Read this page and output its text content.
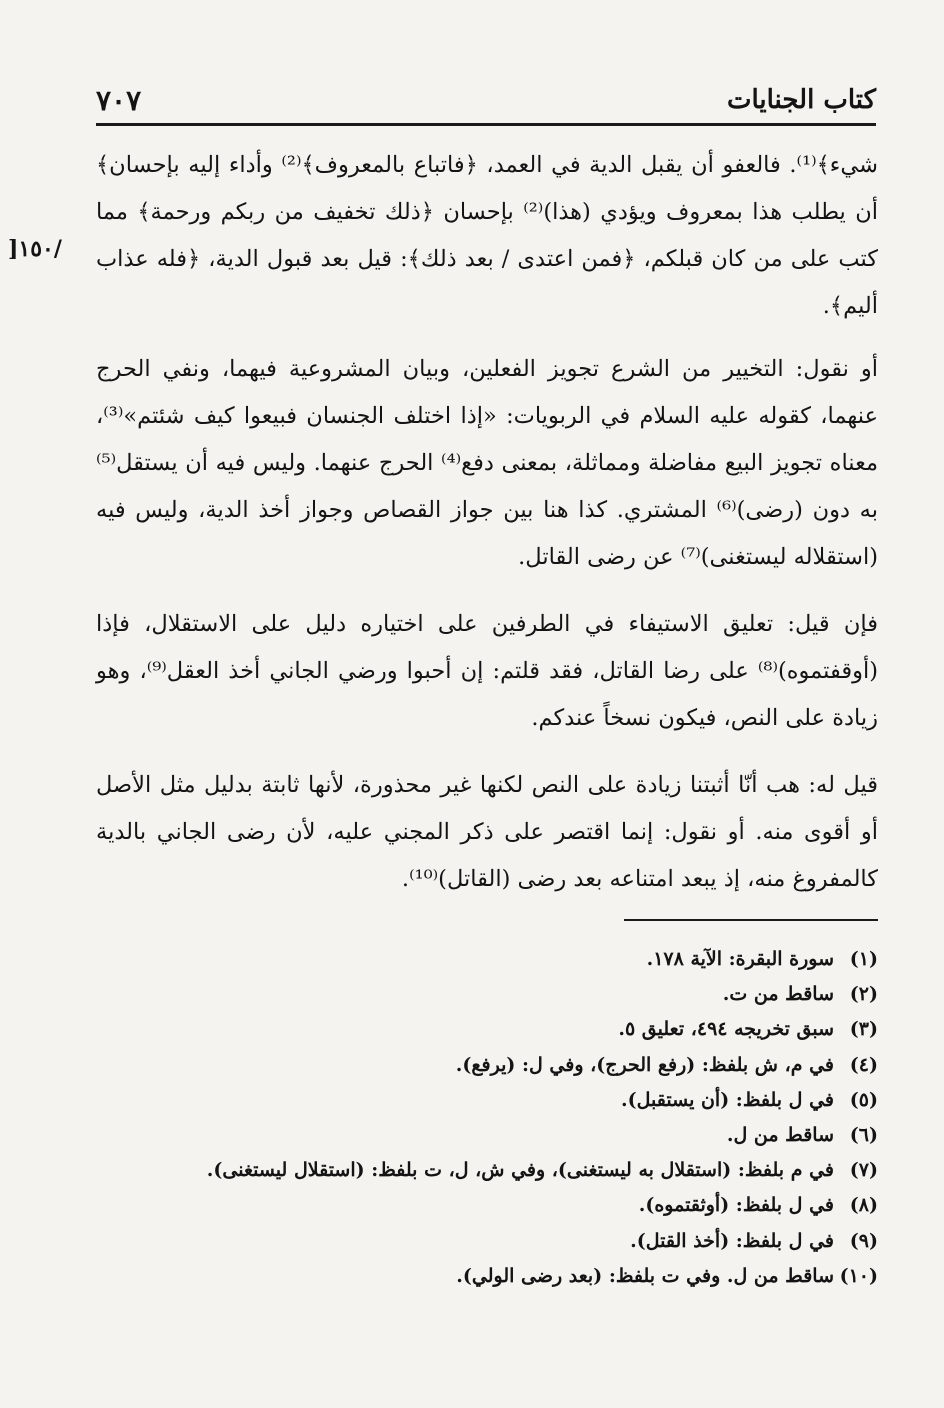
كتاب الجنايات
٧٠٧
/١٥٠[

شيء﴾⁽¹⁾. فالعفو أن يقبل الدية في العمد، ﴿فاتباع بالمعروف﴾⁽²⁾ وأداء إليه بإحسان﴾ أن يطلب هذا بمعروف ويؤدي (هذا)⁽²⁾ بإحسان ﴿ذلك تخفيف من ربكم ورحمة﴾ مما كتب على من كان قبلكم، ﴿فمن اعتدى / بعد ذلك﴾: قيل بعد قبول الدية، ﴿فله عذاب أليم﴾.

أو نقول: التخيير من الشرع تجويز الفعلين، وبيان المشروعية فيهما، ونفي الحرج عنهما، كقوله عليه السلام في الربويات: «إذا اختلف الجنسان فبيعوا كيف شئتم»⁽³⁾، معناه تجويز البيع مفاضلة ومماثلة، بمعنى دفع⁽⁴⁾ الحرج عنهما. وليس فيه أن يستقل⁽⁵⁾ به دون (رضى)⁽⁶⁾ المشتري. كذا هنا بين جواز القصاص وجواز أخذ الدية، وليس فيه (استقلاله ليستغنى)⁽⁷⁾ عن رضى القاتل.

فإن قيل: تعليق الاستيفاء في الطرفين على اختياره دليل على الاستقلال، فإذا (أوقفتموه)⁽⁸⁾ على رضا القاتل، فقد قلتم: إن أحبوا ورضي الجاني أخذ العقل⁽⁹⁾، وهو زيادة على النص، فيكون نسخاً عندكم.

قيل له: هب أنّا أثبتنا زيادة على النص لكنها غير محذورة، لأنها ثابتة بدليل مثل الأصل أو أقوى منه. أو نقول: إنما اقتصر على ذكر المجني عليه، لأن رضى الجاني بالدية كالمفروغ منه، إذ يبعد امتناعه بعد رضى (القاتل)⁽¹⁰⁾.

(١)
سورة البقرة: الآية ١٧٨.
(٢)
ساقط من ت.
(٣)
سبق تخريجه ٤٩٤، تعليق ٥.
(٤)
في م، ش بلفظ: (رفع الحرج)، وفي ل: (يرفع).
(٥)
في ل بلفظ: (أن يستقبل).
(٦)
ساقط من ل.
(٧)
في م بلفظ: (استقلال به ليستغنى)، وفي ش، ل، ت بلفظ: (استقلال ليستغنى).
(٨)
في ل بلفظ: (أوثقتموه).
(٩)
في ل بلفظ: (أخذ القتل).
(١٠)
ساقط من ل. وفي ت بلفظ: (بعد رضى الولي).
